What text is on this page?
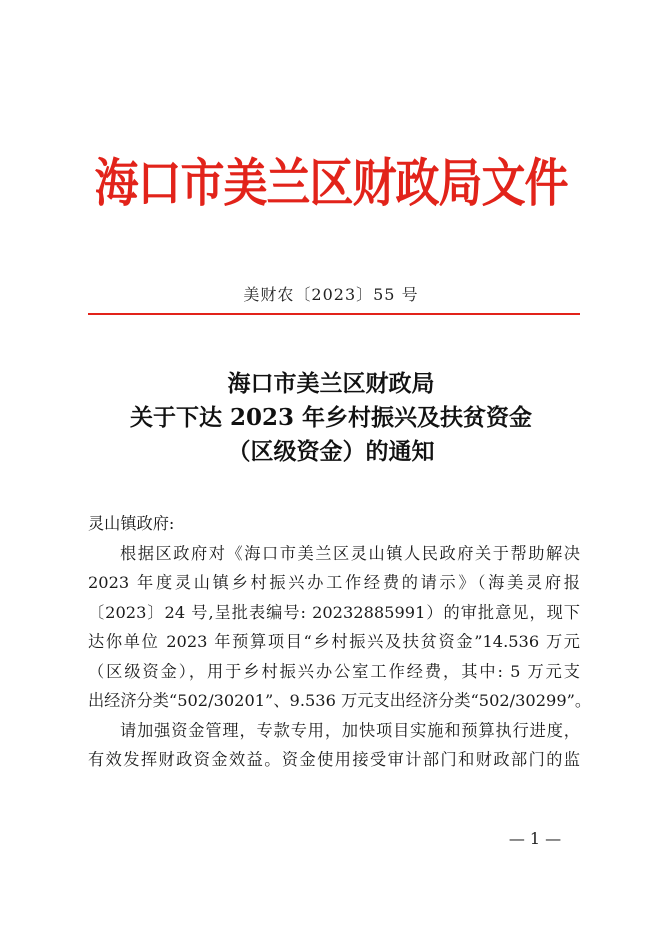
海口市美兰区财政局文件
美财农〔2023〕55 号
海口市美兰区财政局
关于下达 2023 年乡村振兴及扶贫资金
（区级资金）的通知

灵山镇政府:

根据区政府对《海口市美兰区灵山镇人民政府关于帮助解决
2023 年度灵山镇乡村振兴办工作经费的请示》（海美灵府报
〔2023〕24 号,呈批表编号: 20232885991）的审批意见，现下
达你单位 2023 年预算项目“乡村振兴及扶贫资金”14.536 万元
（区级资金），用于乡村振兴办公室工作经费，其中: 5 万元支
出经济分类“502/30201”、9.536 万元支出经济分类“502/30299”。

请加强资金管理，专款专用，加快项目实施和预算执行进度，
有效发挥财政资金效益。资金使用接受审计部门和财政部门的监

— 1 —
